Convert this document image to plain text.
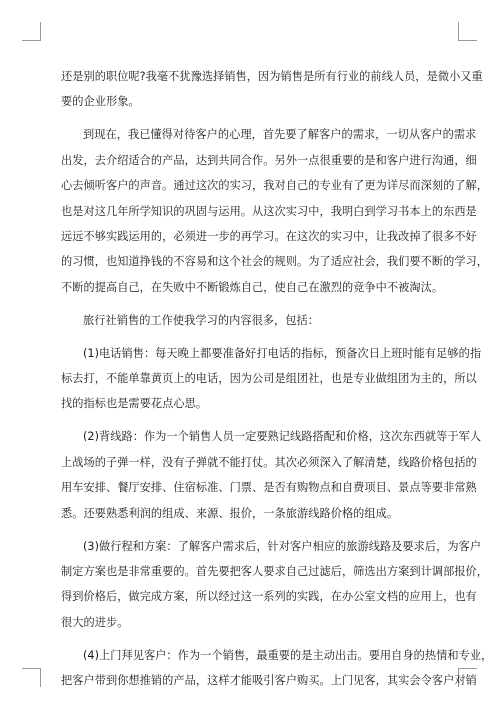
还是别的职位呢?我毫不犹豫选择销售，因为销售是所有行业的前线人员，是微小又重
要的企业形象。

到现在，我已懂得对待客户的心理，首先要了解客户的需求，一切从客户的需求
出发，去介绍适合的产品，达到共同合作。另外一点很重要的是和客户进行沟通，细
心去倾听客户的声音。通过这次的实习，我对自己的专业有了更为详尽而深刻的了解，
也是对这几年所学知识的巩固与运用。从这次实习中，我明白到学习书本上的东西是
远远不够实践运用的，必须进一步的再学习。在这次的实习中，让我改掉了很多不好
的习惯，也知道挣钱的不容易和这个社会的规则。为了适应社会，我们要不断的学习，
不断的提高自己，在失败中不断锻炼自己，使自己在激烈的竞争中不被淘汰。

旅行社销售的工作使我学习的内容很多，包括：

(1)电话销售：每天晚上都要准备好打电话的指标，预备次日上班时能有足够的指
标去打，不能单靠黄页上的电话，因为公司是组团社，也是专业做组团为主的，所以
找的指标也是需要花点心思。

(2)背线路：作为一个销售人员一定要熟记线路搭配和价格，这次东西就等于军人
上战场的子弹一样，没有子弹就不能打仗。其次必须深入了解清楚，线路价格包括的
用车安排、餐厅安排、住宿标准、门票、是否有购物点和自费项目、景点等要非常熟
悉。还要熟悉利润的组成、来源、报价，一条旅游线路价格的组成。

(3)做行程和方案：了解客户需求后，针对客户相应的旅游线路及要求后，为客户
制定方案也是非常重要的。首先要把客人要求自己过滤后，筛选出方案到计调部报价，
得到价格后，做完成方案，所以经过这一系列的实践，在办公室文档的应用上，也有
很大的进步。

(4)上门拜见客户：作为一个销售，最重要的是主动出击。要用自身的热情和专业，
把客户带到你想推销的产品，这样才能吸引客户购买。上门见客，其实会令客户对销
